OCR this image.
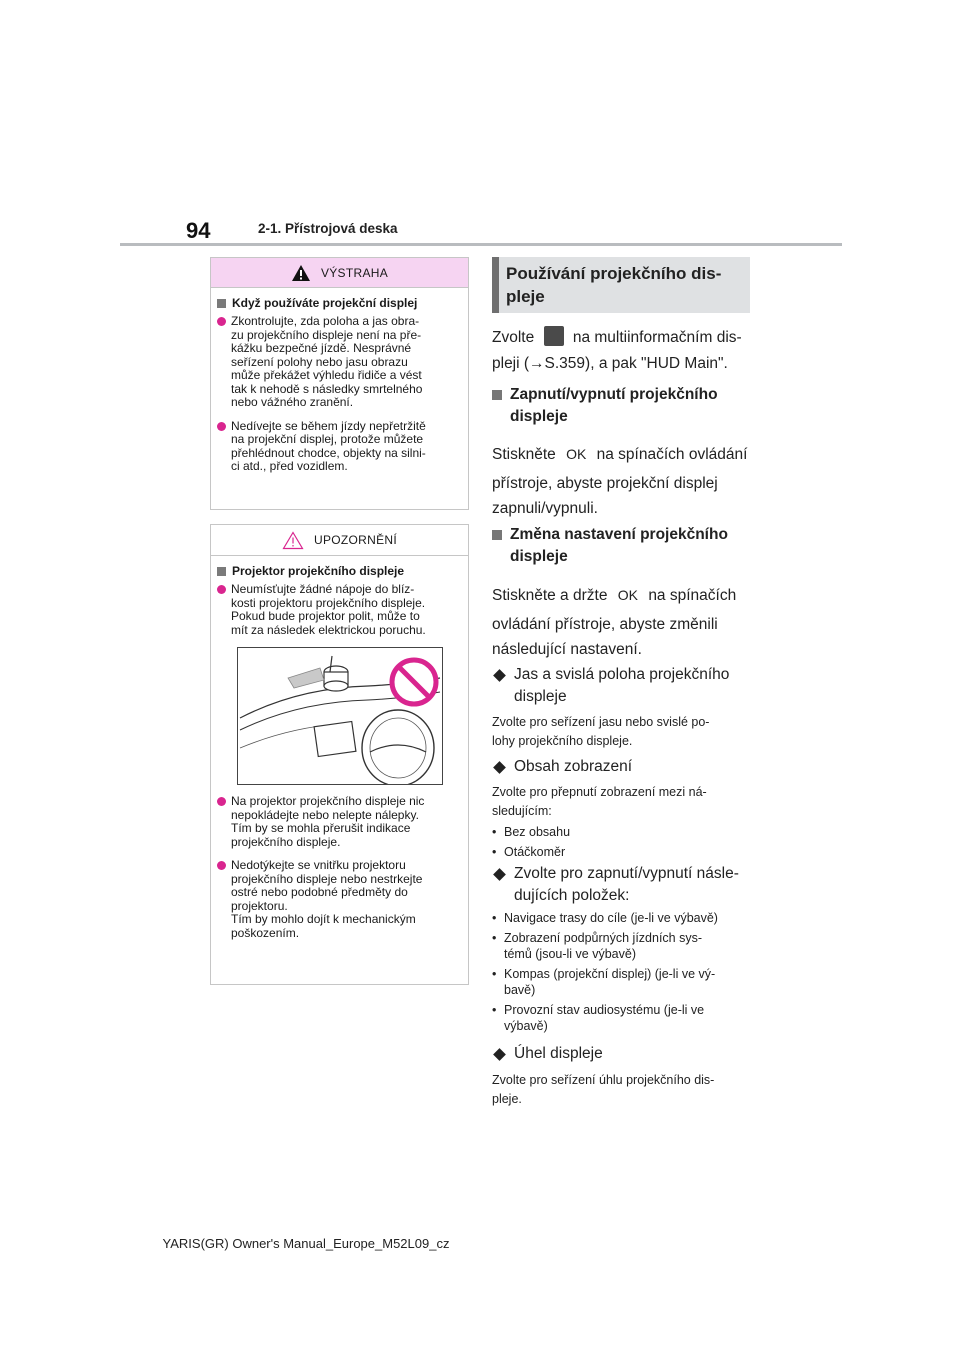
94	2-1. Přístrojová deska
VÝSTRAHA
Když používáte projekční displej
Zkontrolujte, zda poloha a jas obra-
zu projekčního displeje není na pře-
kážku bezpečné jízdě. Nesprávné
seřízení polohy nebo jasu obrazu
může překážet výhledu řidiče a vést
tak k nehodě s následky smrtelného
nebo vážného zranění.
Nedívejte se během jízdy nepřetržitě
na projekční displej, protože můžete
přehlédnout chodce, objekty na silni-
ci atd., před vozidlem.
UPOZORNĚNÍ
Projektor projekčního displeje
Neumísťujte žádné nápoje do blíz-
kosti projektoru projekčního displeje.
Pokud bude projektor polit, může to
mít za následek elektrickou poruchu.
Na projektor projekčního displeje nic
nepokládejte nebo nelepte nálepky.
Tím by se mohla přerušit indikace
projekčního displeje.
Nedotýkejte se vnitřku projektoru
projekčního displeje nebo nestrkejte
ostré nebo podobné předměty do
projektoru.
Tím by mohlo dojít k mechanickým
poškozením.
Používání projekčního dis-
pleje
Zvolte na multiinformačním dis-
pleji (→S.359), a pak "HUD Main".
Zapnutí/vypnutí projekčního
displeje
Stiskněte OK na spínačích ovládání
přístroje, abyste projekční displej
zapnuli/vypnuli.
Změna nastavení projekčního
displeje
Stiskněte a držte OK na spínačích
ovládání přístroje, abyste změnili
následující nastavení.
Jas a svislá poloha projekčního
displeje
Zvolte pro seřízení jasu nebo svislé po-
lohy projekčního displeje.
Obsah zobrazení
Zvolte pro přepnutí zobrazení mezi ná-
sledujícím:
• Bez obsahu
• Otáčkoměr
Zvolte pro zapnutí/vypnutí násle-
dujících položek:
• Navigace trasy do cíle (je-li ve výbavě)
• Zobrazení podpůrných jízdních sys-
témů (jsou-li ve výbavě)
• Kompas (projekční displej) (je-li ve vý-
bavě)
• Provozní stav audiosystému (je-li ve
výbavě)
Úhel displeje
Zvolte pro seřízení úhlu projekčního dis-
pleje.
YARIS(GR) Owner's Manual_Europe_M52L09_cz
